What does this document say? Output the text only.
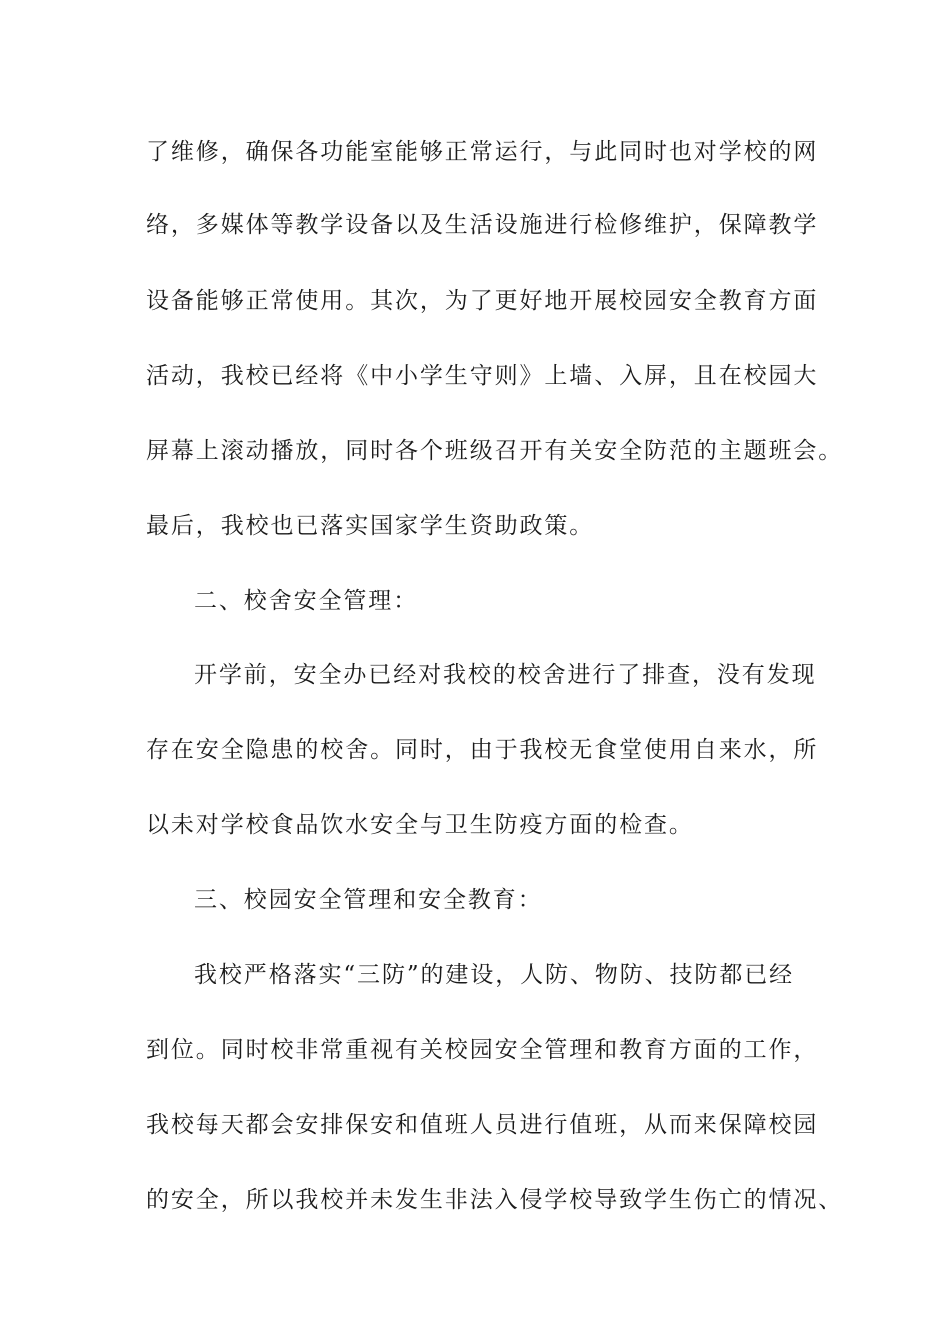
了维修，确保各功能室能够正常运行，与此同时也对学校的网
络，多媒体等教学设备以及生活设施进行检修维护，保障教学
设备能够正常使用。其次，为了更好地开展校园安全教育方面
活动，我校已经将《中小学生守则》上墙、入屏，且在校园大
屏幕上滚动播放，同时各个班级召开有关安全防范的主题班会。
最后，我校也已落实国家学生资助政策。
二、校舍安全管理：
开学前，安全办已经对我校的校舍进行了排查，没有发现
存在安全隐患的校舍。同时，由于我校无食堂使用自来水，所
以未对学校食品饮水安全与卫生防疫方面的检查。
三、校园安全管理和安全教育：
我校严格落实“三防”的建设，人防、物防、技防都已经
到位。同时校非常重视有关校园安全管理和教育方面的工作，
我校每天都会安排保安和值班人员进行值班，从而来保障校园
的安全，所以我校并未发生非法入侵学校导致学生伤亡的情况、
